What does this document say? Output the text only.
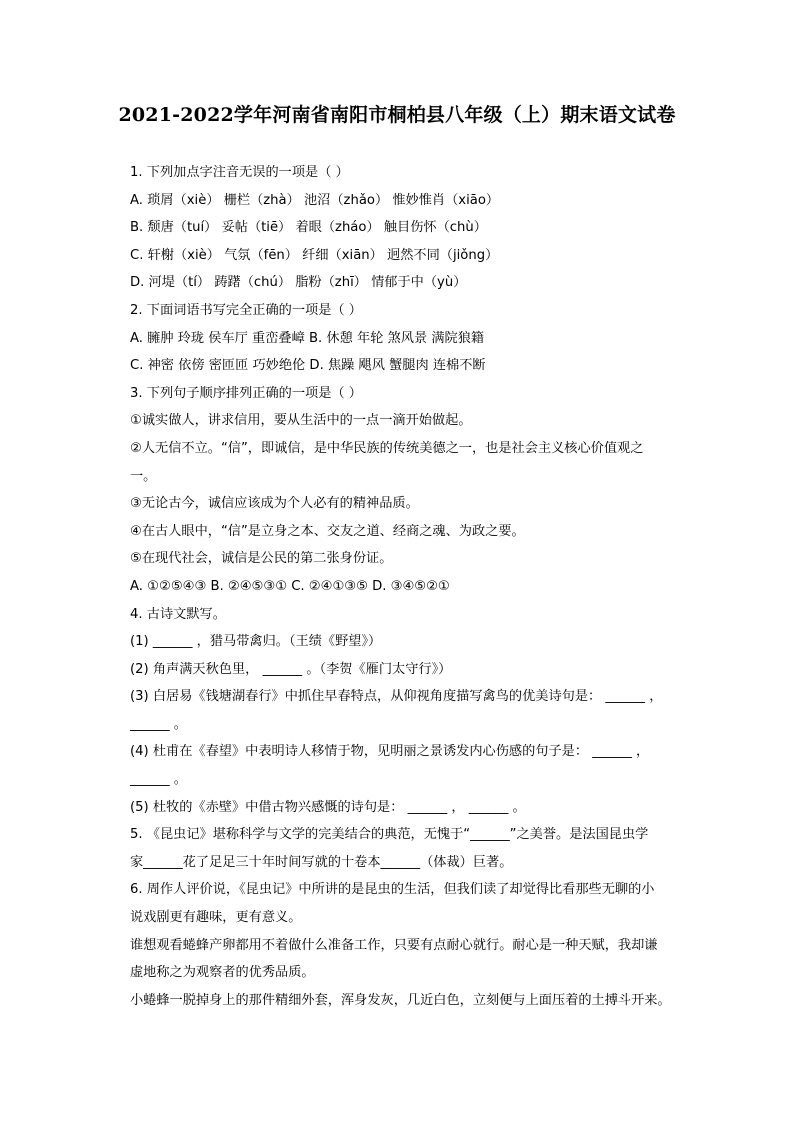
2021-2022学年河南省南阳市桐柏县八年级（上）期末语文试卷
1. 下列加点字注音无误的一项是（ ）
A. 琐屑（xiè） 栅栏（zhà） 池沼（zhǎo） 惟妙惟肖（xiāo）
B. 颓唐（tuí） 妥帖（tiē） 着眼（zháo） 触目伤怀（chù）
C. 轩榭（xiè） 气氛（fēn） 纤细（xiān） 迥然不同（jiǒng）
D. 河堤（tí） 踌躇（chú） 脂粉（zhī） 情郁于中（yù）
2. 下面词语书写完全正确的一项是（ ）
A. 臃肿 玲珑 侯车厅 重峦叠嶂 B. 休憩 年轮 煞风景 满院狼籍
C. 神密 依傍 密匝匝 巧妙绝伦 D. 焦躁 飓风 蟹腿肉 连棉不断
3. 下列句子顺序排列正确的一项是（ ）
①诚实做人，讲求信用，要从生活中的一点一滴开始做起。
②人无信不立。“信”，即诚信，是中华民族的传统美德之一，也是社会主义核心价值观之
一。
③无论古今，诚信应该成为个人必有的精神品质。
④在古人眼中，“信”是立身之本、交友之道、经商之魂、为政之要。
⑤在现代社会，诚信是公民的第二张身份证。
A. ①②⑤④③ B. ②④⑤③① C. ②④①③⑤ D. ③④⑤②①
4. 古诗文默写。
(1) ______ ，猎马带禽归。（王绩《野望》）
(2) 角声满天秋色里， ______ 。（李贺《雁门太守行》）
(3) 白居易《钱塘湖春行》中抓住早春特点，从仰视角度描写禽鸟的优美诗句是： ______ ，
______ 。
(4) 杜甫在《春望》中表明诗人移情于物，见明丽之景诱发内心伤感的句子是： ______ ，
______ 。
(5) 杜牧的《赤壁》中借古物兴感慨的诗句是： ______ ， ______ 。
5. 《昆虫记》堪称科学与文学的完美结合的典范，无愧于“______”之美誉。是法国昆虫学
家______花了足足三十年时间写就的十卷本______（体裁）巨著。
6. 周作人评价说，《昆虫记》中所讲的是昆虫的生活，但我们读了却觉得比看那些无聊的小
说戏剧更有趣味，更有意义。
谁想观看蜷蜂产卵都用不着做什么准备工作，只要有点耐心就行。耐心是一种天赋，我却谦
虚地称之为观察者的优秀品质。
小蜷蜂一脱掉身上的那件精细外套，浑身发灰，几近白色，立刻便与上面压着的土搏斗开来。
